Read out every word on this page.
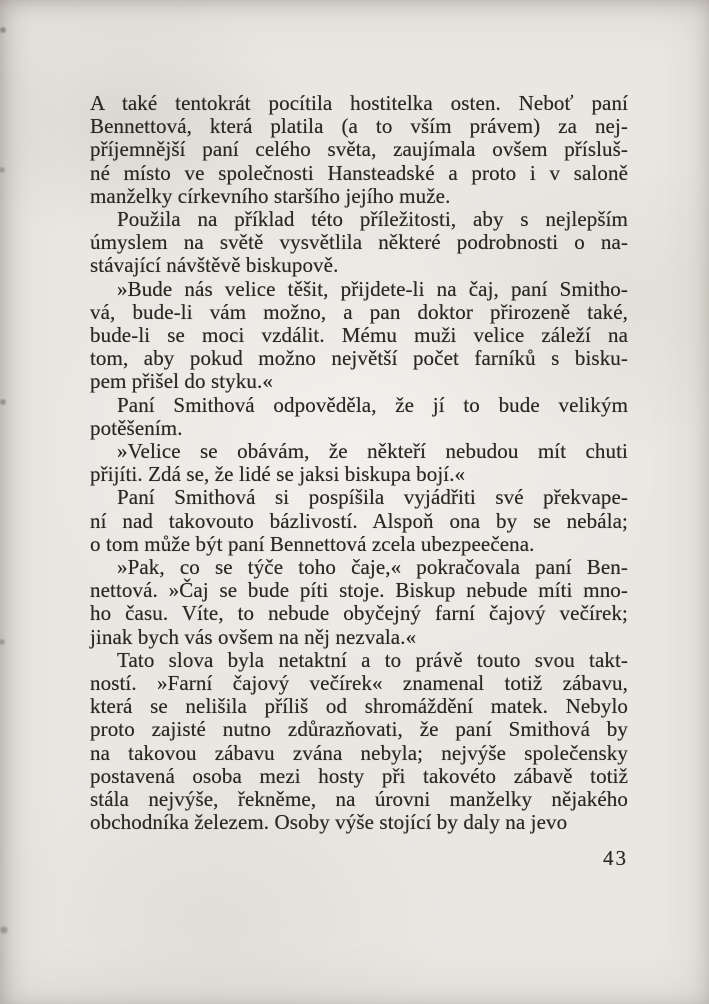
A také tentokrát pocítila hostitelka osten. Neboť paní
Bennettová, která platila (a to vším právem) za nej-
příjemnější paní celého světa, zaujímala ovšem přísluš-
né místo ve společnosti Hansteadské a proto i v saloně
manželky církevního staršího jejího muže.
Použila na příklad této příležitosti, aby s nejlepším
úmyslem na světě vysvětlila některé podrobnosti o na-
stávající návštěvě biskupově.
»Bude nás velice těšit, přijdete-li na čaj, paní Smitho-
vá, bude-li vám možno, a pan doktor přirozeně také,
bude-li se moci vzdálit. Mému muži velice záleží na
tom, aby pokud možno největší počet farníků s bisku-
pem přišel do styku.«
Paní Smithová odpověděla, že jí to bude velikým
potěšením.
»Velice se obávám, že někteří nebudou mít chuti
přijíti. Zdá se, že lidé se jaksi biskupa bojí.«
Paní Smithová si pospíšila vyjádřiti své překvape-
ní nad takovouto bázlivostí. Alspoň ona by se nebála;
o tom může být paní Bennettová zcela ubezpeečena.
»Pak, co se týče toho čaje,« pokračovala paní Ben-
nettová. »Čaj se bude píti stoje. Biskup nebude míti mno-
ho času. Víte, to nebude obyčejný farní čajový večírek;
jinak bych vás ovšem na něj nezvala.«
Tato slova byla netaktní a to právě touto svou takt-
ností. »Farní čajový večírek« znamenal totiž zábavu,
která se nelišila příliš od shromáždění matek. Nebylo
proto zajisté nutno zdůrazňovati, že paní Smithová by
na takovou zábavu zvána nebyla; nejvýše společensky
postavená osoba mezi hosty při takovéto zábavě totiž
stála nejvýše, řekněme, na úrovni manželky nějakého
obchodníka železem. Osoby výše stojící by daly na jevo
43
